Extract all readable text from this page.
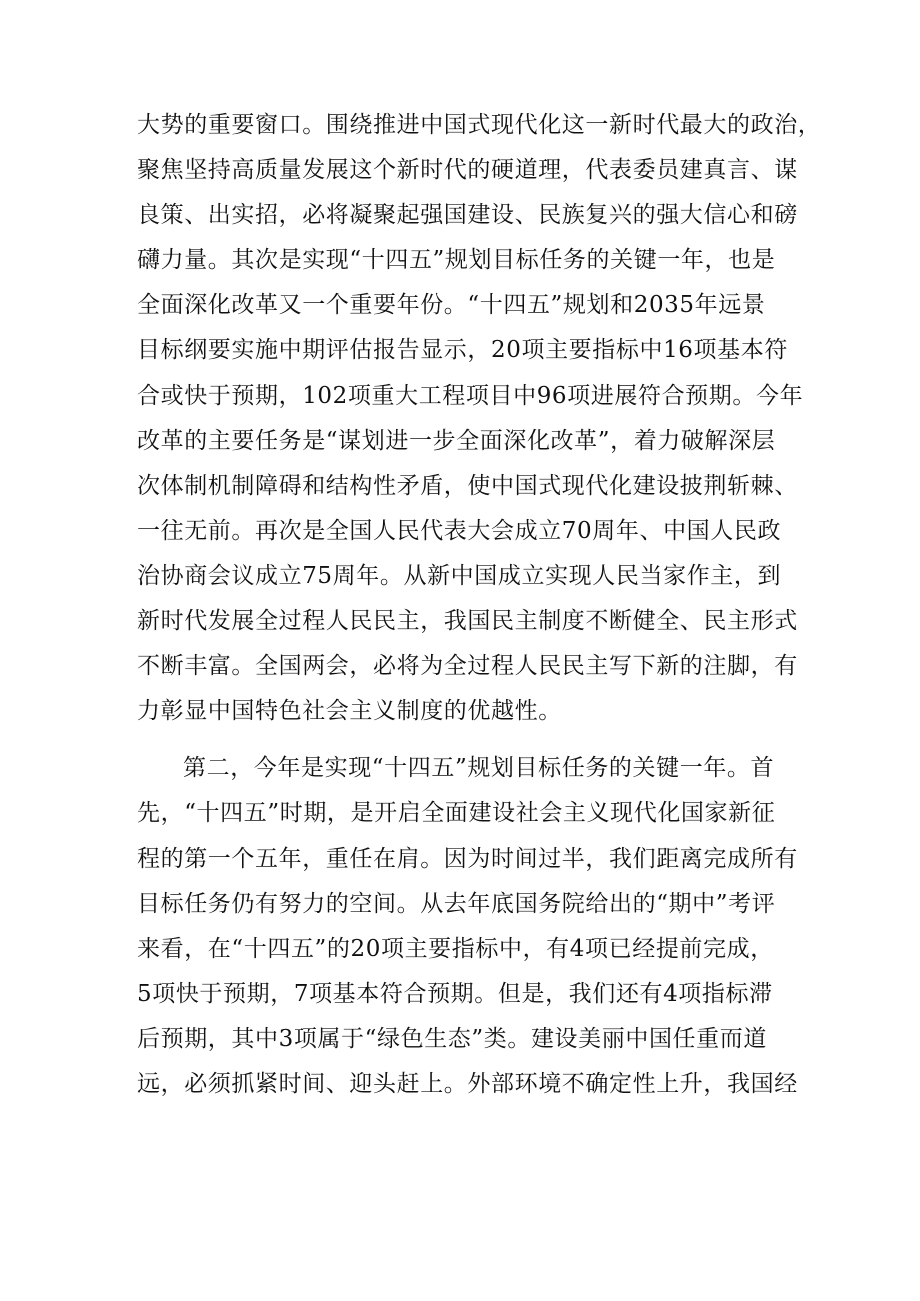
大势的重要窗口。围绕推进中国式现代化这一新时代最大的政治，
聚焦坚持高质量发展这个新时代的硬道理，代表委员建真言、谋
良策、出实招，必将凝聚起强国建设、民族复兴的强大信心和磅
礴力量。其次是实现“十四五”规划目标任务的关键一年，也是
全面深化改革又一个重要年份。“十四五”规划和2035年远景
目标纲要实施中期评估报告显示，20项主要指标中16项基本符
合或快于预期，102项重大工程项目中96项进展符合预期。今年
改革的主要任务是“谋划进一步全面深化改革”，着力破解深层
次体制机制障碍和结构性矛盾，使中国式现代化建设披荆斩棘、
一往无前。再次是全国人民代表大会成立70周年、中国人民政
治协商会议成立75周年。从新中国成立实现人民当家作主，到
新时代发展全过程人民民主，我国民主制度不断健全、民主形式
不断丰富。全国两会，必将为全过程人民民主写下新的注脚，有
力彰显中国特色社会主义制度的优越性。
第二，今年是实现“十四五”规划目标任务的关键一年。首
先，“十四五”时期，是开启全面建设社会主义现代化国家新征
程的第一个五年，重任在肩。因为时间过半，我们距离完成所有
目标任务仍有努力的空间。从去年底国务院给出的“期中”考评
来看，在“十四五”的20项主要指标中，有4项已经提前完成，
5项快于预期，7项基本符合预期。但是，我们还有4项指标滞
后预期，其中3项属于“绿色生态”类。建设美丽中国任重而道
远，必须抓紧时间、迎头赶上。外部环境不确定性上升，我国经
